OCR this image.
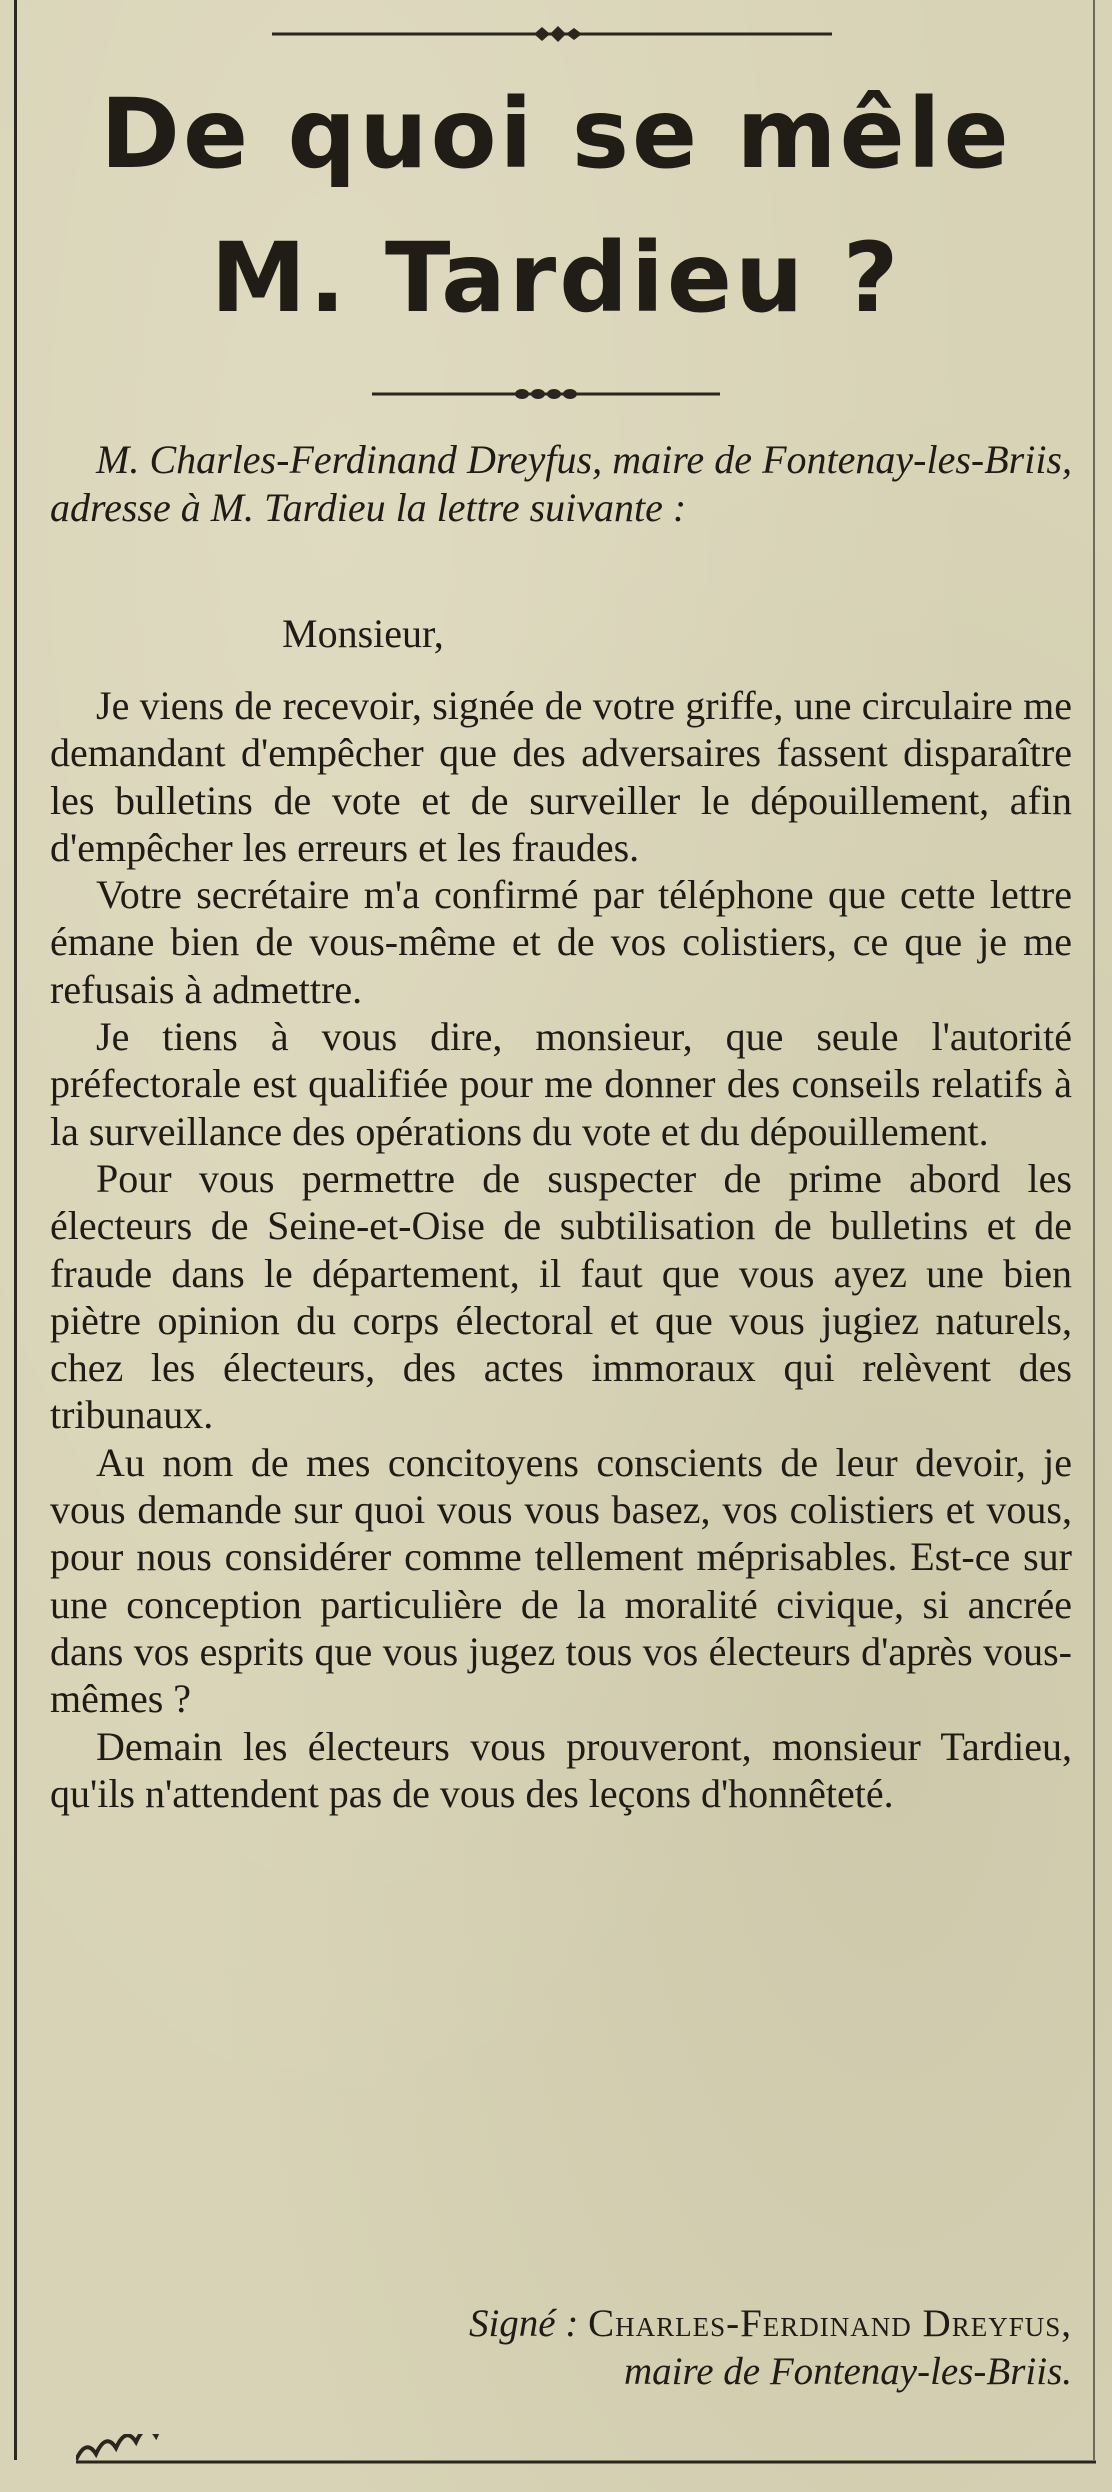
De quoi se mêle
M. Tardieu ?
M. Charles-Ferdinand Dreyfus, maire de Fontenay-les-Briis, adresse à M. Tardieu la lettre suivante :
Monsieur,

Je viens de recevoir, signée de votre griffe, une circulaire me demandant d'empêcher que des adversaires fassent disparaître les bulletins de vote et de surveiller le dépouillement, afin d'empêcher les erreurs et les fraudes.

Votre secrétaire m'a confirmé par téléphone que cette lettre émane bien de vous-même et de vos colistiers, ce que je me refusais à admettre.

Je tiens à vous dire, monsieur, que seule l'autorité préfectorale est qualifiée pour me donner des conseils relatifs à la surveillance des opérations du vote et du dépouillement.

Pour vous permettre de suspecter de prime abord les électeurs de Seine-et-Oise de subtilisation de bulletins et de fraude dans le département, il faut que vous ayez une bien piètre opinion du corps électoral et que vous jugiez naturels, chez les électeurs, des actes immoraux qui relèvent des tribunaux.

Au nom de mes concitoyens conscients de leur devoir, je vous demande sur quoi vous vous basez, vos colistiers et vous, pour nous considérer comme tellement méprisables. Est-ce sur une conception particulière de la moralité civique, si ancrée dans vos esprits que vous jugez tous vos électeurs d'après vous-mêmes ?

Demain les électeurs vous prouveront, monsieur Tardieu, qu'ils n'attendent pas de vous des leçons d'honnêteté.

Signé : Charles-Ferdinand Dreyfus,
maire de Fontenay-les-Briis.
